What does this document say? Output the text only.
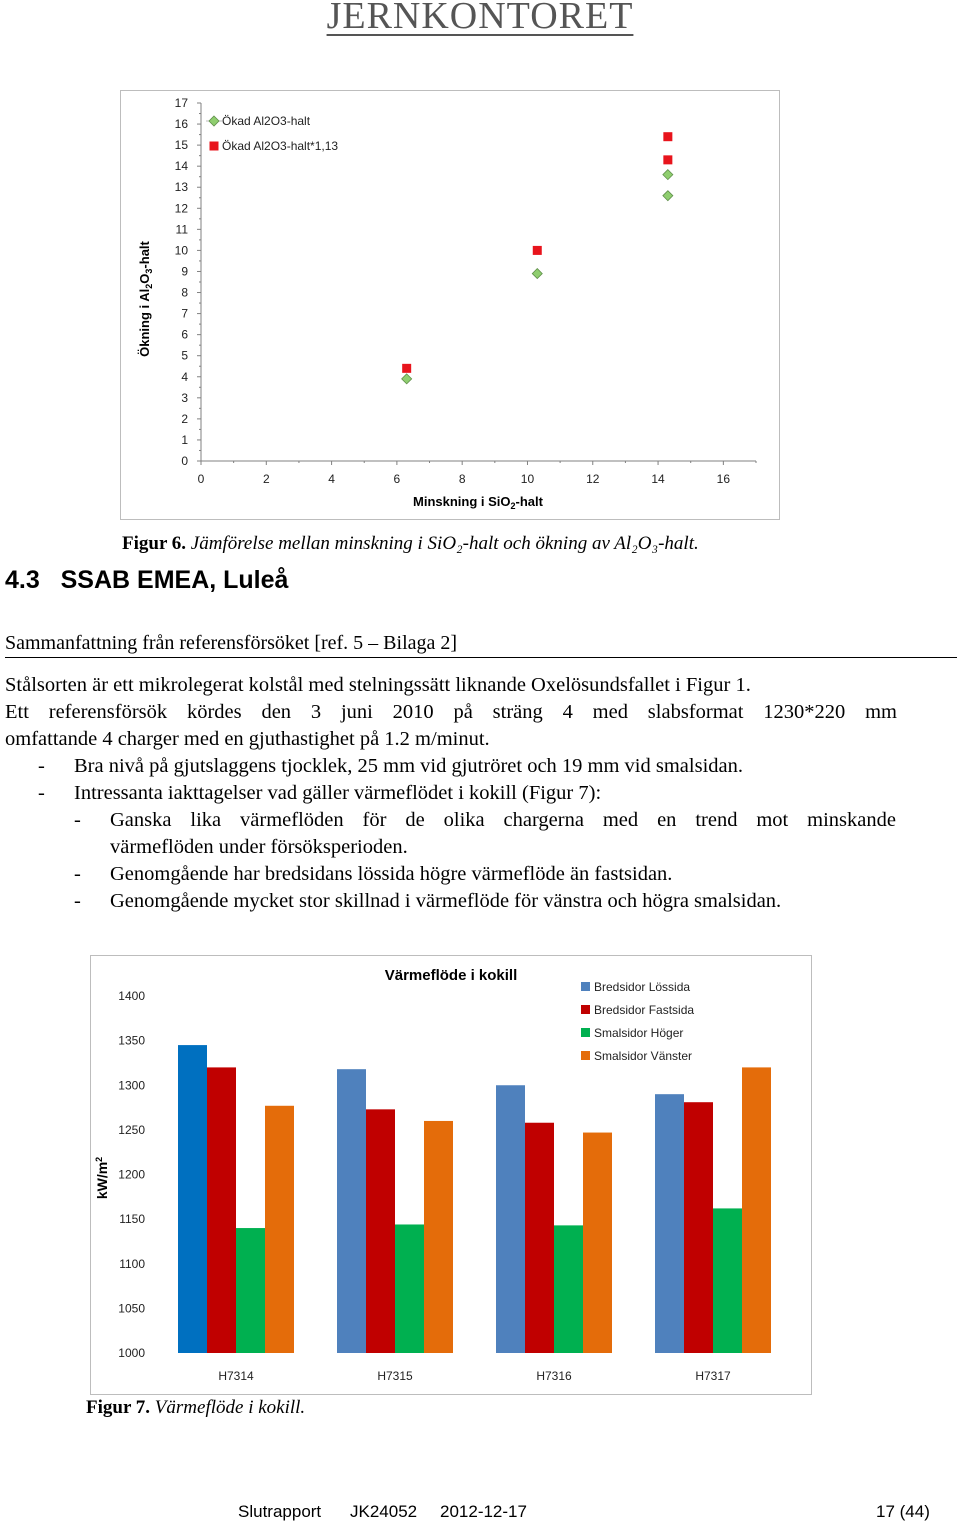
JERNKONTORET
0
1
2
3
4
5
6
7
8
9
10
11
12
13
14
15
16
17
0	2	4	6	8	10	12	14	16
Ökad Al2O3-halt
Ökad Al2O3-halt*1,13
Minskning i SiO$_2$-halt
Ökning i $Al_2O_3$-halt
Figur 6. Jämförelse mellan minskning i SiO₂-halt och ökning av Al₂O₃-halt.
4.3 SSAB EMEA, Luleå
Sammanfattning från referensförsöket [ref. 5 – Bilaga 2]
Stålsorten är ett mikrolegerat kolstål med stelningssätt liknande Oxelösundsfallet i Figur 1.
Ett referensförsök kördes den 3 juni 2010 på sträng 4 med slabsformat 1230*220 mm
omfattande 4 charger med en gjuthastighet på 1.2 m/minut.
- Bra nivå på gjutslaggens tjocklek, 25 mm vid gjutröret och 19 mm vid smalsidan.
- Intressanta iakttagelser vad gäller värmeflödet i kokill (Figur 7):
- Ganska lika värmeflöden för de olika chargerna med en trend mot minskande
värmeflöden under försöksperioden.
- Genomgående har bredsidans lössida högre värmeflöde än fastsidan.
- Genomgående mycket stor skillnad i värmeflöde för vänstra och högra smalsidan.
1000
1050
1100
1150
1200
1250
1300
1350
1400
H7314	H7315	H7316	H7317
Bredsidor Lössida
Bredsidor Fastsida
Smalsidor Höger
Smalsidor Vänster
Värmeflöde i kokill
$kW/m^2$
Figur 7. Värmeflöde i kokill.
Slutrapport JK24052 2012-12-17	17 (44)
